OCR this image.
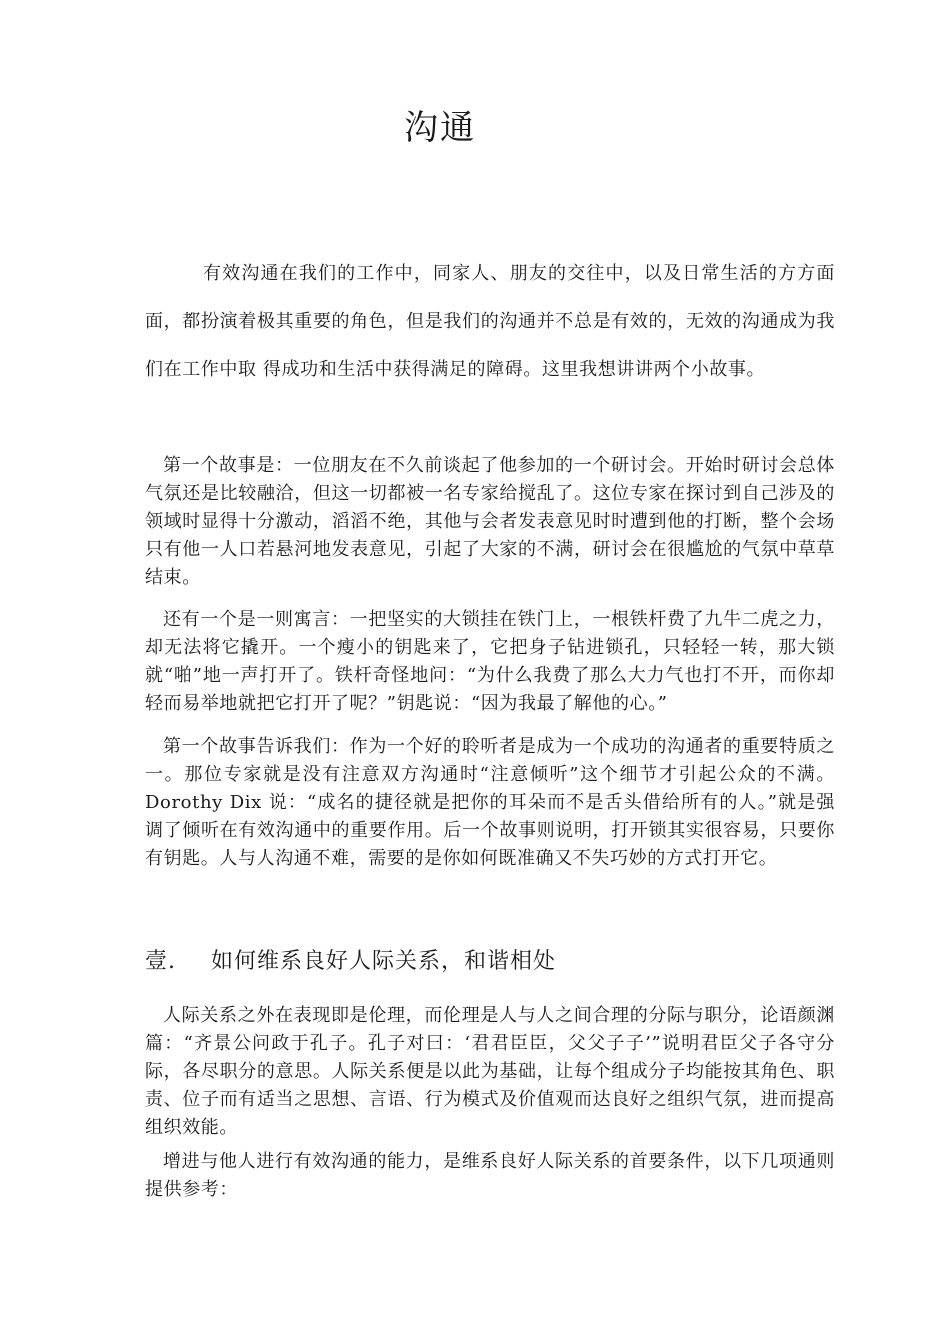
沟通

有效沟通在我们的工作中，同家人、朋友的交往中，以及日常生活的方方面面，都扮演着极其重要的角色，但是我们的沟通并不总是有效的，无效的沟通成为我们在工作中取 得成功和生活中获得满足的障碍。这里我想讲讲两个小故事。

第一个故事是：一位朋友在不久前谈起了他参加的一个研讨会。开始时研讨会总体气氛还是比较融洽，但这一切都被一名专家给搅乱了。这位专家在探讨到自己涉及的领域时显得十分激动，滔滔不绝，其他与会者发表意见时时遭到他的打断，整个会场只有他一人口若悬河地发表意见，引起了大家的不满，研讨会在很尴尬的气氛中草草结束。

还有一个是一则寓言：一把坚实的大锁挂在铁门上，一根铁杆费了九牛二虎之力，却无法将它撬开。一个瘦小的钥匙来了，它把身子钻进锁孔，只轻轻一转，那大锁就“啪”地一声打开了。铁杆奇怪地问：“为什么我费了那么大力气也打不开，而你却轻而易举地就把它打开了呢？”钥匙说：“因为我最了解他的心。”

第一个故事告诉我们：作为一个好的聆听者是成为一个成功的沟通者的重要特质之一。那位专家就是没有注意双方沟通时“注意倾听”这个细节才引起公众的不满。Dorothy Dix 说：“成名的捷径就是把你的耳朵而不是舌头借给所有的人。”就是强调了倾听在有效沟通中的重要作用。后一个故事则说明，打开锁其实很容易，只要你有钥匙。人与人沟通不难，需要的是你如何既准确又不失巧妙的方式打开它。

壹. 如何维系良好人际关系，和谐相处

人际关系之外在表现即是伦理，而伦理是人与人之间合理的分际与职分，论语颜渊篇：“齐景公问政于孔子。孔子对曰：‘君君臣臣，父父子子’”说明君臣父子各守分际，各尽职分的意思。人际关系便是以此为基础，让每个组成分子均能按其角色、职责、位子而有适当之思想、言语、行为模式及价值观而达良好之组织气氛，进而提高组织效能。

增进与他人进行有效沟通的能力，是维系良好人际关系的首要条件，以下几项通则提供参考：
